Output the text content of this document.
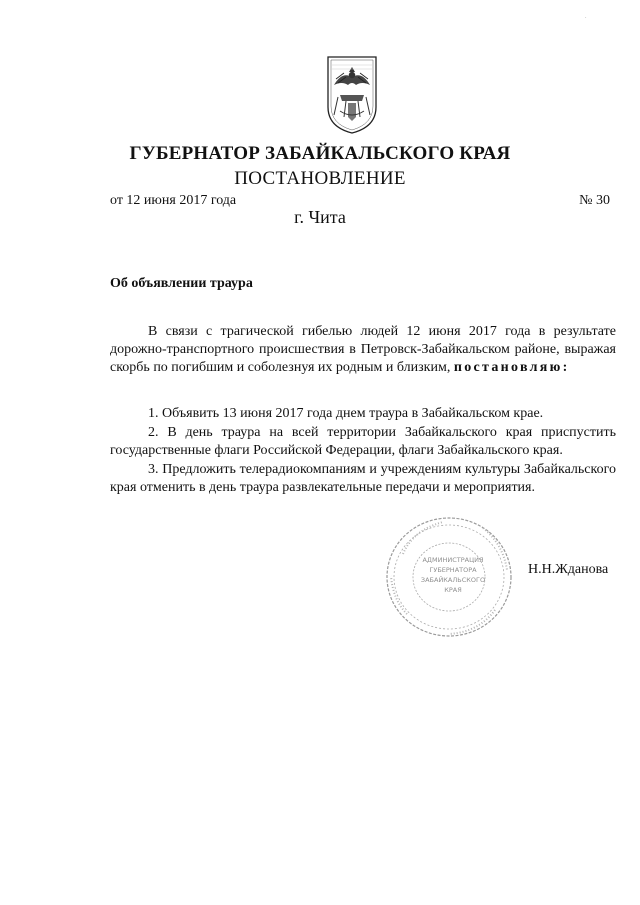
.
ГУБЕРНАТОР ЗАБАЙКАЛЬСКОГО КРАЯ
ПОСТАНОВЛЕНИЕ
от 12 июня 2017 года	№ 30
г. Чита
Об объявлении траура
В связи с трагической гибелью людей 12 июня 2017 года в результате дорожно-транспортного происшествия в Петровск-Забайкальском районе, выражая скорбь по погибшим и соболезнуя их родным и близким, постановляю:
1. Объявить 13 июня 2017 года днем траура в Забайкальском крае.
2. В день траура на всей территории Забайкальского края приспустить государственные флаги Российской Федерации, флаги Забайкальского края.
3. Предложить телерадиокомпаниям и учреждениям культуры Забайкальского края отменить в день траура развлекательные передачи и мероприятия.
АДМИНИСТРАЦИЯ
ГУБЕРНАТОРА
ЗАБАЙКАЛЬСКОГО
КРАЯ
Н.Н.Жданова
